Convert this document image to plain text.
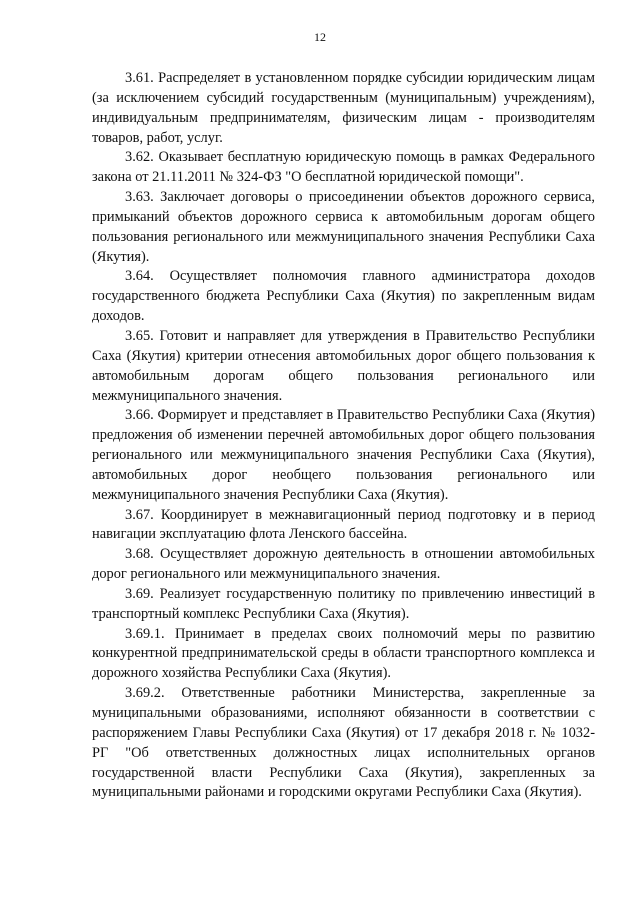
12

3.61. Распределяет в установленном порядке субсидии юридическим лицам (за исключением субсидий государственным (муниципальным) учреждениям), индивидуальным предпринимателям, физическим лицам - производителям товаров, работ, услуг.

3.62. Оказывает бесплатную юридическую помощь в рамках Федерального закона от 21.11.2011 № 324-ФЗ "О бесплатной юридической помощи".

3.63. Заключает договоры о присоединении объектов дорожного сервиса, примыканий объектов дорожного сервиса к автомобильным дорогам общего пользования регионального или межмуниципального значения Республики Саха (Якутия).

3.64. Осуществляет полномочия главного администратора доходов государственного бюджета Республики Саха (Якутия) по закрепленным видам доходов.

3.65. Готовит и направляет для утверждения в Правительство Республики Саха (Якутия) критерии отнесения автомобильных дорог общего пользования к автомобильным дорогам общего пользования регионального или межмуниципального значения.

3.66. Формирует и представляет в Правительство Республики Саха (Якутия) предложения об изменении перечней автомобильных дорог общего пользования регионального или межмуниципального значения Республики Саха (Якутия), автомобильных дорог необщего пользования регионального или межмуниципального значения Республики Саха (Якутия).

3.67. Координирует в межнавигационный период подготовку и в период навигации эксплуатацию флота Ленского бассейна.

3.68. Осуществляет дорожную деятельность в отношении автомобильных дорог регионального или межмуниципального значения.

3.69. Реализует государственную политику по привлечению инвестиций в транспортный комплекс Республики Саха (Якутия).

3.69.1. Принимает в пределах своих полномочий меры по развитию конкурентной предпринимательской среды в области транспортного комплекса и дорожного хозяйства Республики Саха (Якутия).

3.69.2. Ответственные работники Министерства, закрепленные за муниципальными образованиями, исполняют обязанности в соответствии с распоряжением Главы Республики Саха (Якутия) от 17 декабря 2018 г. № 1032-РГ "Об ответственных должностных лицах исполнительных органов государственной власти Республики Саха (Якутия), закрепленных за муниципальными районами и городскими округами Республики Саха (Якутия).
